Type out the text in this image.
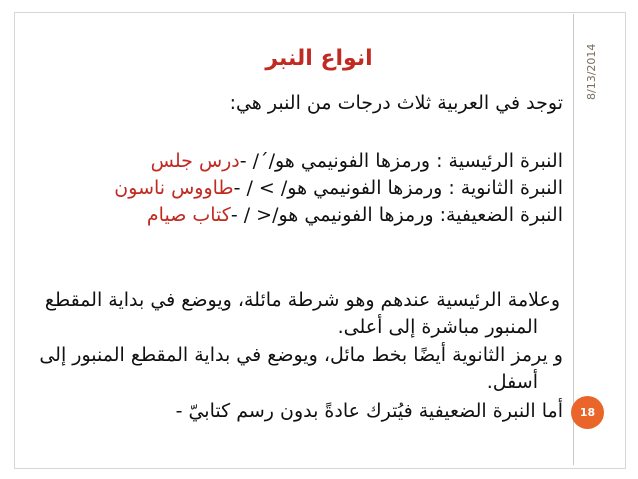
8/13/2014
انواع النبر
توجد في العربية ثلاث درجات من النبر هي:
النبرة الرئيسية : ورمزها الفونيمي هو/ˊ/ -درس جلس
النبرة الثانوية : ورمزها الفونيمي هو/ > / -طاووس ناسون
النبرة الضعيفية: ورمزها الفونيمي هو/< / -كتاب صيام
وعلامة الرئيسية عندهم وهو شرطة مائلة، ويوضع في بداية المقطع
المنبور مباشرة إلى أعلى.
و يرمز الثانوية أيضًا بخط مائل، ويوضع في بداية المقطع المنبور إلى
أسفل.
أما النبرة الضعيفية فيُترك عادةً بدون رسم كتابيّ -	18
